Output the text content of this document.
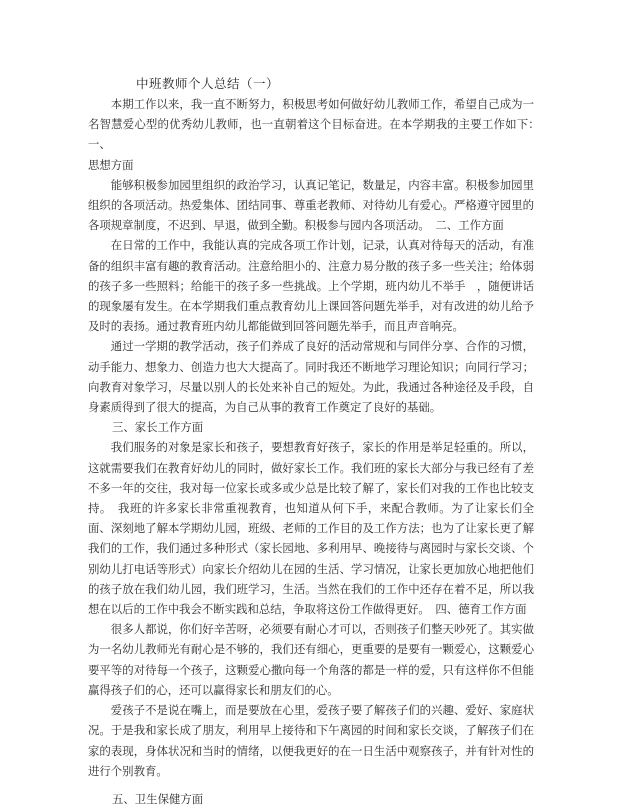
中班教师个人总结（一）

本期工作以来，我一直不断努力，积极思考如何做好幼儿教师工作，希望自己成为一名智慧爱心型的优秀幼儿教师，也一直朝着这个目标奋进。在本学期我的主要工作如下：　 一、

思想方面

能够积极参加园里组织的政治学习，认真记笔记，数量足，内容丰富。积极参加园里组织的各项活动。热爱集体、团结同事、尊重老教师、对待幼儿有爱心。严格遵守园里的各项规章制度，不迟到、早退，做到全勤。积极参与园内各项活动。　二、工作方面

在日常的工作中，我能认真的完成各项工作计划，记录，认真对待每天的活动，有准备的组织丰富有趣的教育活动。注意给胆小的、注意力易分散的孩子多一些关注；给体弱的孩子多一些照料；给能干的孩子多一些挑战。上个学期，班内幼儿不举手　，随便讲话的现象屡有发生。在本学期我们重点教育幼儿上课回答问题先举手，对有改进的幼儿给予及时的表扬。通过教育班内幼儿都能做到回答问题先举手，而且声音响亮。

通过一学期的教学活动，孩子们养成了良好的活动常规和与同伴分享、合作的习惯，动手能力、想象力、创造力也大大提高了。同时我还不断地学习理论知识；向同行学习；向教育对象学习，尽量以别人的长处来补自己的短处。为此，我通过各种途径及手段，自身素质得到了很大的提高，为自己从事的教育工作奠定了良好的基础。

三、家长工作方面

我们服务的对象是家长和孩子，要想教育好孩子，家长的作用是举足轻重的。所以，这就需要我们在教育好幼儿的同时，做好家长工作。我们班的家长大部分与我已经有了差不多一年的交往，我对每一位家长或多或少总是比较了解了，家长们对我的工作也比较支持。　我班的许多家长非常重视教育，也知道从何下手，来配合教师。为了让家长们全面、深刻地了解本学期幼儿园，班级、老师的工作目的及工作方法；也为了让家长更了解我们的工作，我们通过多种形式（家长园地、多利用早、晚接待与离园时与家长交谈、个别幼儿打电话等形式）向家长介绍幼儿在园的生活、学习情况，让家长更加放心地把他们的孩子放在我们幼儿园，我们班学习，生活。当然在我们的工作中还存在着不足，所以我想在以后的工作中我会不断实践和总结，争取将这份工作做得更好。　四、德育工作方面

很多人都说，你们好辛苦呀，必须要有耐心才可以，否则孩子们整天吵死了。其实做为一名幼儿教师光有耐心是不够的，我们还有细心，更重要的是要有一颗爱心，这颗爱心要平等的对待每一个孩子，这颗爱心撒向每一个角落的都是一样的爱，只有这样你不但能赢得孩子们的心，还可以赢得家长和朋友们的心。

爱孩子不是说在嘴上，而是要放在心里，爱孩子要了解孩子们的兴趣、爱好、家庭状况。于是我和家长成了朋友，利用早上接待和下午离园的时间和家长交谈，了解孩子们在家的表现，身体状况和当时的情绪，以便我更好的在一日生活中观察孩子，并有针对性的进行个别教育。

五、卫生保健方面
